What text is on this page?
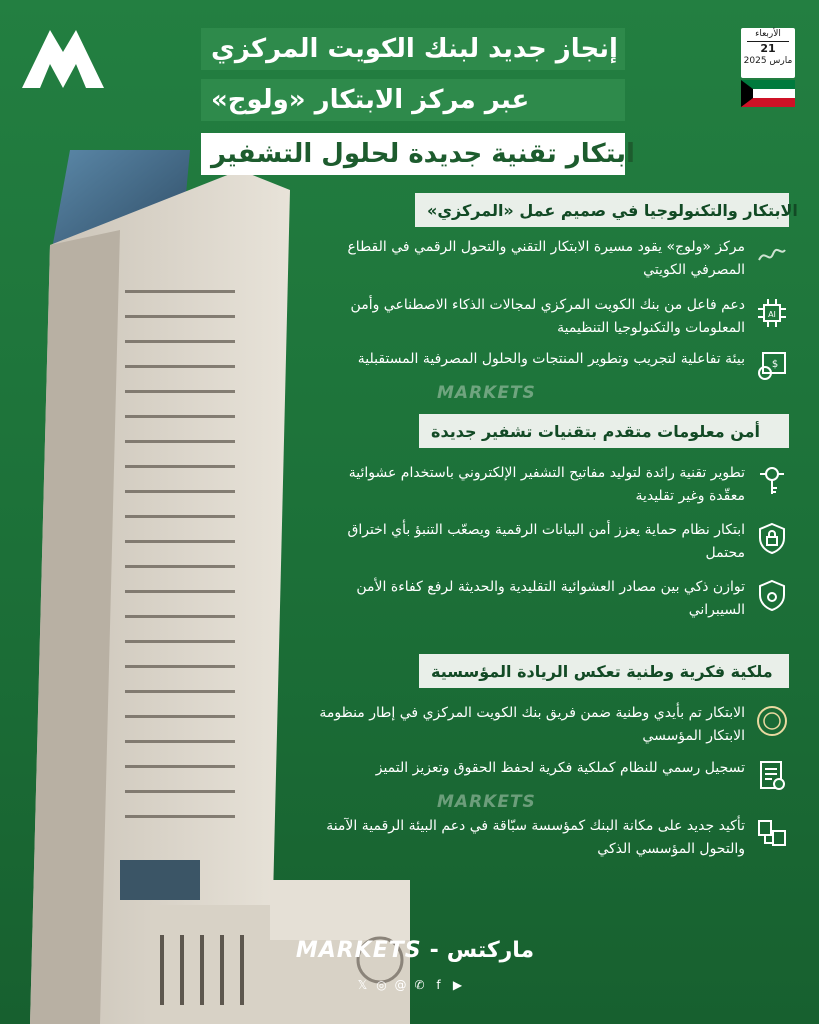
الأربعاء
21
مارس 2025
إنجاز جديد لبنك الكويت المركزي
عبر مركز الابتكار «ولوج»
ابتكار تقنية جديدة لحلول التشفير
الابتكار والتكنولوجيا في صميم عمل «المركزي»
مركز «ولوج» يقود مسيرة الابتكار التقني والتحول الرقمي في القطاع المصرفي الكويتي
AI
دعم فاعل من بنك الكويت المركزي لمجالات الذكاء الاصطناعي وأمن المعلومات والتكنولوجيا التنظيمية
$
بيئة تفاعلية لتجريب وتطوير المنتجات والحلول المصرفية المستقبلية
MARKETS
أمن معلومات متقدم بتقنيات تشفير جديدة
تطوير تقنية رائدة لتوليد مفاتيح التشفير الإلكتروني باستخدام عشوائية معقّدة وغير تقليدية
ابتكار نظام حماية يعزز أمن البيانات الرقمية ويصعّب التنبؤ بأي اختراق محتمل
توازن ذكي بين مصادر العشوائية التقليدية والحديثة لرفع كفاءة الأمن السيبراني
ملكية فكرية وطنية تعكس الريادة المؤسسية
الابتكار تم بأيدي وطنية ضمن فريق بنك الكويت المركزي في إطار منظومة الابتكار المؤسسي
تسجيل رسمي للنظام كملكية فكرية لحفظ الحقوق وتعزيز التميز
MARKETS
تأكيد جديد على مكانة البنك كمؤسسة سبّاقة في دعم البيئة الرقمية الآمنة والتحول المؤسسي الذكي
MARKETS - ماركتس
𝕏 ◎ @ ✆ f	▶
